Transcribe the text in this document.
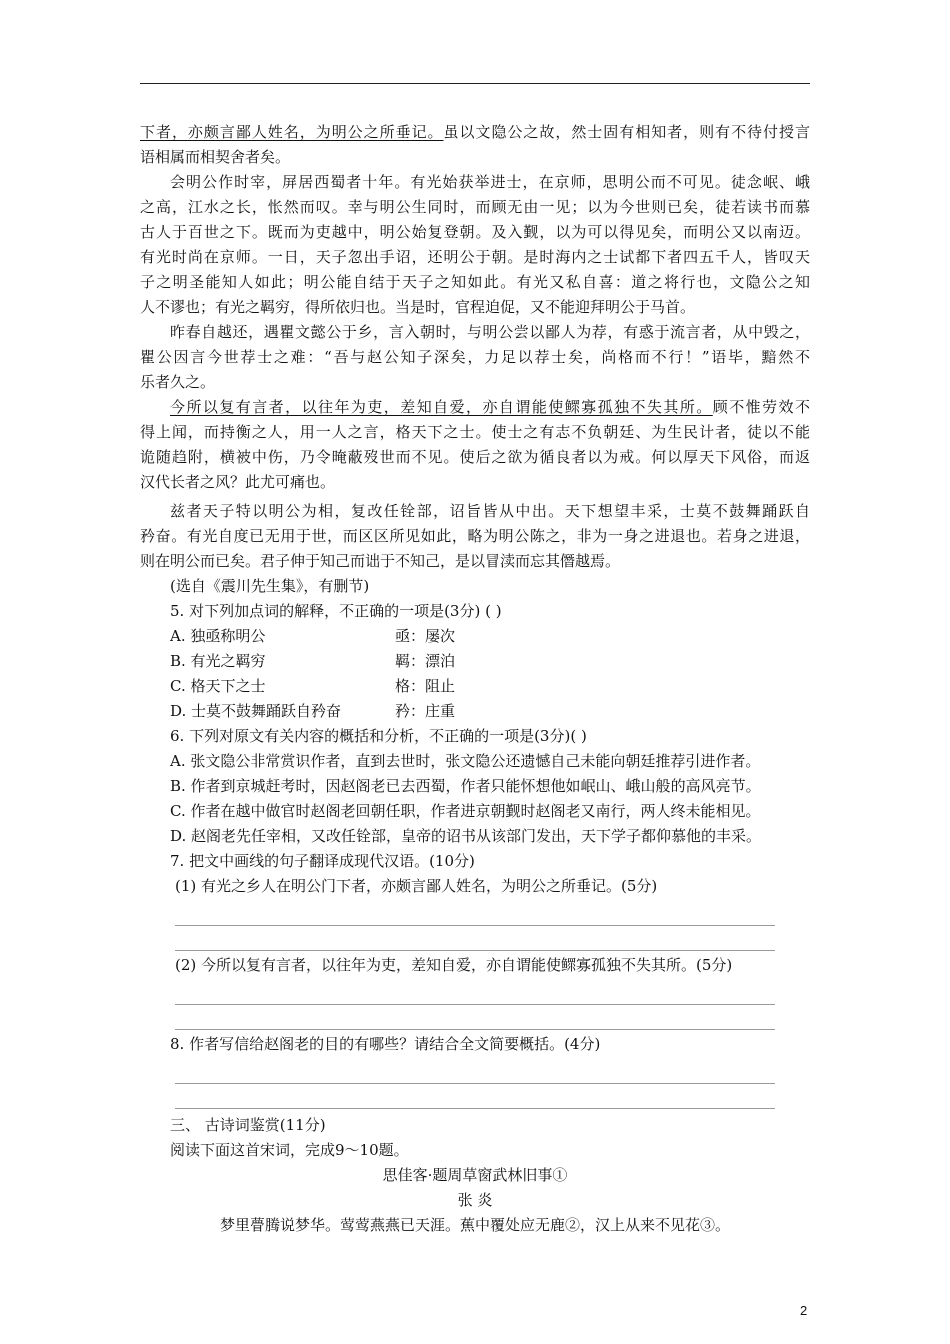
下者，亦颇言鄙人姓名，为明公之所垂记。虽以文隐公之故，然士固有相知者，则有不待付授言
语相属而相契舍者矣。
会明公作时宰，屏居西蜀者十年。有光始获举进士，在京师，思明公而不可见。徒念岷、峨
之高，江水之长，怅然而叹。幸与明公生同时，而顾无由一见；以为今世则已矣，徒若读书而慕
古人于百世之下。既而为吏越中，明公始复登朝。及入觐，以为可以得见矣，而明公又以南迈。
有光时尚在京师。一日，天子忽出手诏，还明公于朝。是时海内之士试都下者四五千人，皆叹天
子之明圣能知人如此；明公能自结于天子之知如此。有光又私自喜：道之将行也，文隐公之知
人不谬也；有光之羁穷，得所依归也。当是时，官程迫促，又不能迎拜明公于马首。
昨春自越还，遇瞿文懿公于乡，言入朝时，与明公尝以鄙人为荐，有惑于流言者，从中毁之，
瞿公因言今世荐士之难：“吾与赵公知子深矣，力足以荐士矣，尚格而不行！”语毕，黯然不
乐者久之。
今所以复有言者，以往年为吏，差知自爱，亦自谓能使鳏寡孤独不失其所。顾不惟劳效不
得上闻，而持衡之人，用一人之言，格天下之士。使士之有志不负朝廷、为生民计者，徒以不能
诡随趋附，横被中伤，乃令晻蔽歿世而不见。使后之欲为循良者以为戒。何以厚天下风俗，而返
汉代长者之风？此尤可痛也。
兹者天子特以明公为相，复改任铨部，诏旨皆从中出。天下想望丰采，士莫不鼓舞踊跃自
矜奋。有光自度已无用于世，而区区所见如此，略为明公陈之，非为一身之进退也。若身之进退，
则在明公而已矣。君子伸于知己而诎于不知己，是以冒渎而忘其僭越焉。
(选自《震川先生集》，有删节)
5. 对下列加点词的解释，不正确的一项是(3分) ( )
A. 独亟称明公	亟：屡次
B. 有光之羁穷	羁：漂泊
C. 格天下之士	格：阻止
D. 士莫不鼓舞踊跃自矜奋	矜：庄重
6. 下列对原文有关内容的概括和分析，不正确的一项是(3分)( )
A. 张文隐公非常赏识作者，直到去世时，张文隐公还遗憾自己未能向朝廷推荐引进作者。
B. 作者到京城赶考时，因赵阁老已去西蜀，作者只能怀想他如岷山、峨山般的高风亮节。
C. 作者在越中做官时赵阁老回朝任职，作者进京朝觐时赵阁老又南行，两人终未能相见。
D. 赵阁老先任宰相，又改任铨部，皇帝的诏书从该部门发出，天下学子都仰慕他的丰采。
7. 把文中画线的句子翻译成现代汉语。(10分)
(1) 有光之乡人在明公门下者，亦颇言鄙人姓名，为明公之所垂记。(5分)
(2) 今所以复有言者，以往年为吏，差知自爱，亦自谓能使鳏寡孤独不失其所。(5分)
8. 作者写信给赵阁老的目的有哪些？请结合全文简要概括。(4分)
三、 古诗词鉴赏(11分)
阅读下面这首宋词，完成9～10题。
思佳客·题周草窗武林旧事①
张 炎
梦里瞢腾说梦华。莺莺燕燕已天涯。蕉中覆处应无鹿②，汉上从来不见花③。
2
